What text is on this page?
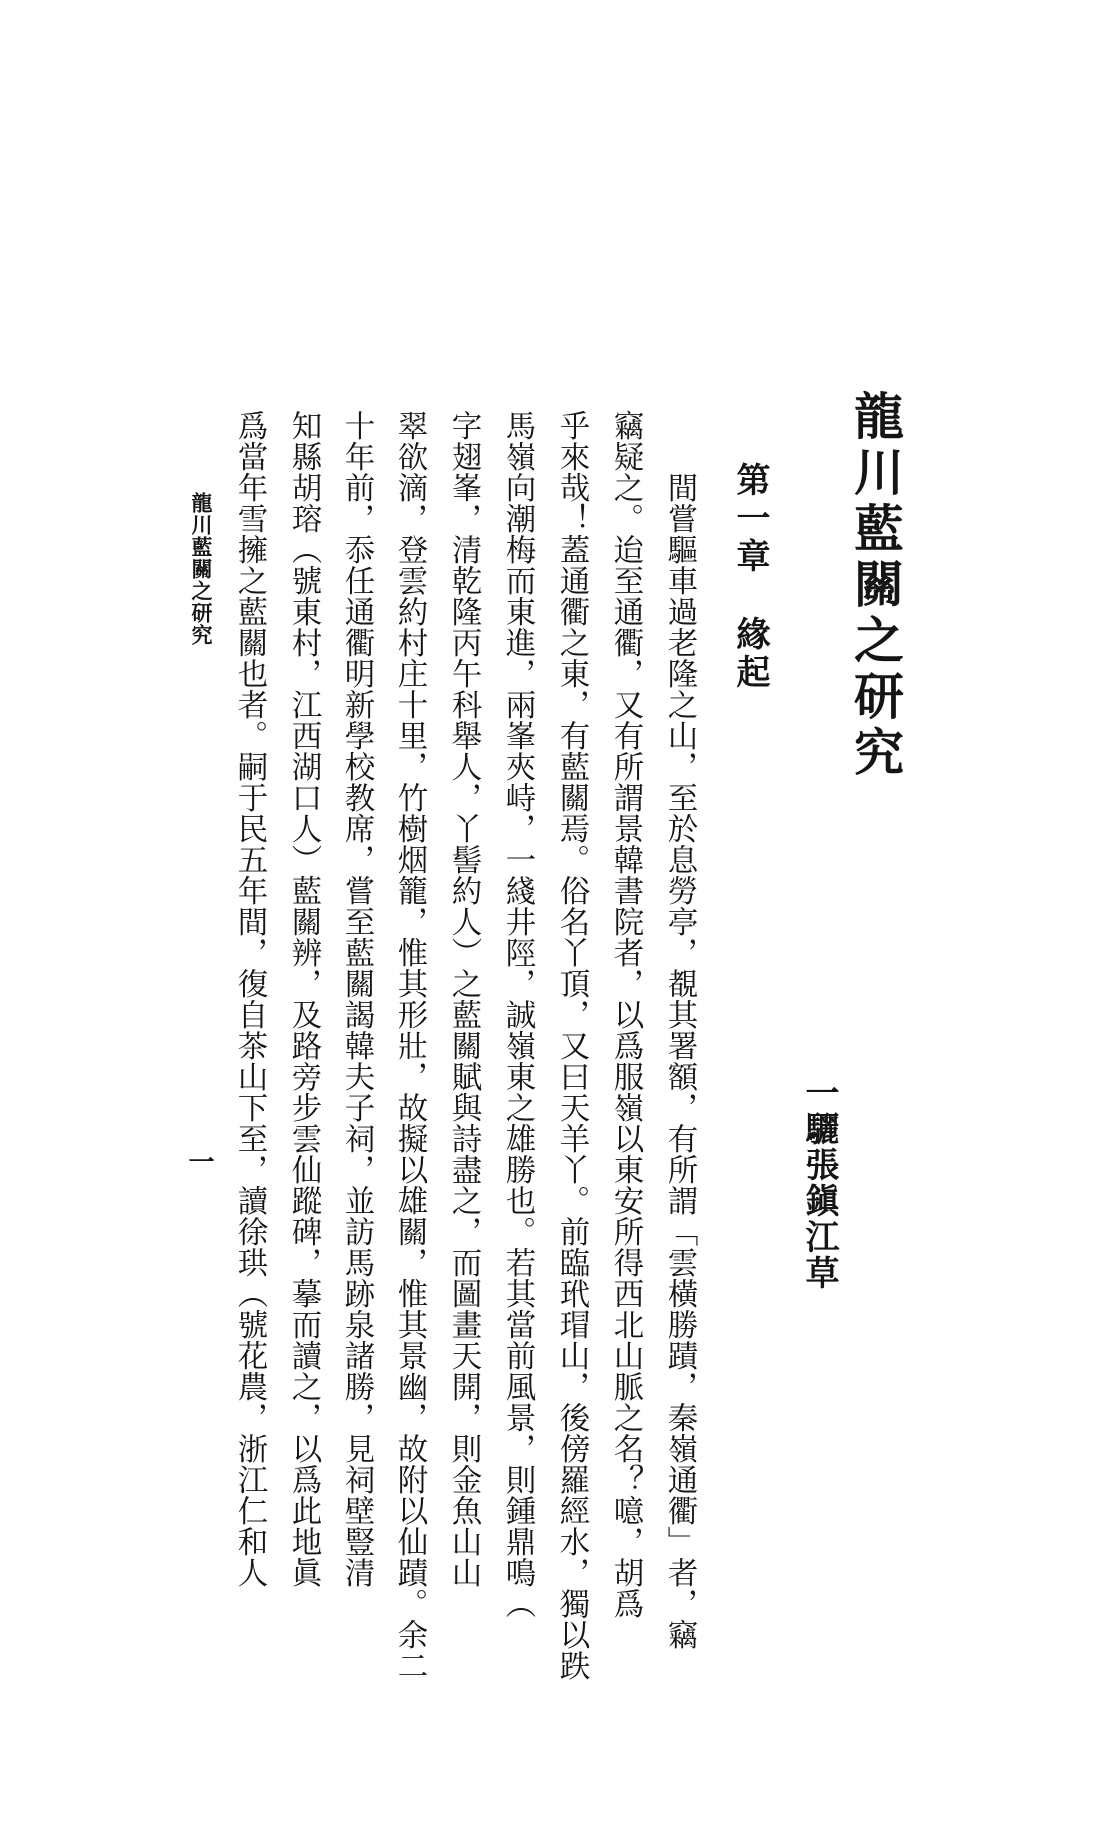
龍川藍關之研究
一驪張鎭江草
第一章緣起
間嘗驅車過老隆之山，至於息勞亭，覩其署額，有所謂「雲橫勝蹟，秦嶺通衢」者，竊
竊疑之。迨至通衢，又有所謂景韓書院者，以爲服嶺以東安所得西北山脈之名？噫，胡爲
乎來哉！蓋通衢之東，有藍關焉。俗名丫頂，又曰天羊丫。前臨玳瑁山，後傍羅經水，獨以跌
馬嶺向潮梅而東進，兩峯夾峙，一綫井陘，誠嶺東之雄勝也。若其當前風景，則鍾鼎鳴（
字翅峯，清乾隆丙午科舉人，丫髻約人）之藍關賦與詩盡之，而圖畫天開，則金魚山山
翠欲滴，登雲約村庄十里，竹樹烟籠，惟其形壯，故擬以雄關，惟其景幽，故附以仙蹟。余二
十年前，忝任通衢明新學校教席，嘗至藍關謁韓夫子祠，並訪馬跡泉諸勝，見祠壁豎清
知縣胡瑢（號東村，江西湖口人）藍關辨，及路旁步雲仙蹤碑，摹而讀之，以爲此地眞
爲當年雪擁之藍關也者。嗣于民五年間，復自茶山下至，讀徐珙（號花農，浙江仁和人
龍川藍關之研究
一
